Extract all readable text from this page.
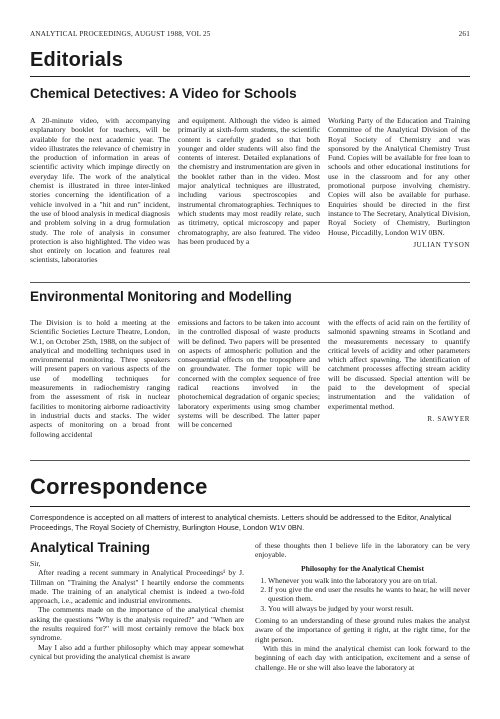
ANALYTICAL PROCEEDINGS, AUGUST 1988, VOL 25	261
Editorials
Chemical Detectives: A Video for Schools

A 20-minute video, with accompanying explanatory booklet for teachers, will be available for the next academic year. The video illustrates the relevance of chemistry in the production of information in areas of scientific activity which impinge directly on everyday life. The work of the analytical chemist is illustrated in three inter-linked stories concerning the identification of a vehicle involved in a "hit and run" incident, the use of blood analysis in medical diagnosis and problem solving in a drug formulation study. The role of analysis in consumer protection is also highlighted. The video was shot entirely on location and features real scientists, laboratories

and equipment. Although the video is aimed primarily at sixth-form students, the scientific content is carefully graded so that both younger and older students will also find the contents of interest. Detailed explanations of the chemistry and instrumentation are given in the booklet rather than in the video. Most major analytical techniques are illustrated, including various spectroscopies and instrumental chromatographies. Techniques to which students may most readily relate, such as titrimetry, optical microscopy and paper chromatography, are also featured. The video has been produced by a

Working Party of the Education and Training Committee of the Analytical Division of the Royal Society of Chemistry and was sponsored by the Analytical Chemistry Trust Fund. Copies will be available for free loan to schools and other educational institutions for use in the classroom and for any other promotional purpose involving chemistry. Copies will also be available for purhase. Enquiries should be directed in the first instance to The Secretary, Analytical Division, Royal Society of Chemistry, Burlington House, Piccadilly, London W1V 0BN.

JULIAN TYSON
Environmental Monitoring and Modelling

The Division is to hold a meeting at the Scientific Societies Lecture Theatre, London, W.1, on October 25th, 1988, on the subject of analytical and modelling techniques used in environmental monitoring. Three speakers will present papers on various aspects of the use of modelling techniques for measurements in radiochemistry ranging from the assessment of risk in nuclear facilities to monitoring airborne radioactivity in industrial ducts and stacks. The wider aspects of monitoring on a broad front following accidental

emissions and factors to be taken into account in the controlled disposal of waste products will be defined. Two papers will be presented on aspects of atmospheric pollution and the consequential effects on the troposphere and on groundwater. The former topic will be concerned with the complex sequence of free radical reactions involved in the photochemical degradation of organic species; laboratory experiments using smog chamber systems will be described. The latter paper will be concerned

with the effects of acid rain on the fertility of salmonid spawning streams in Scotland and the measurements necessary to quantify critical levels of acidity and other parameters which affect spawning. The identification of catchment processes affecting stream acidity will be discussed. Special attention will be paid to the development of special instrumentation and the validation of experimental method.

R. SAWYER
Correspondence
Correspondence is accepted on all matters of interest to analytical chemists. Letters should be addressed to the Editor, Analytical Proceedings, The Royal Society of Chemistry, Burlington House, London W1V 0BN.
Analytical Training

Sir,

After reading a recent summary in Analytical Proceedings¹ by J. Tillman on "Training the Analyst" I heartily endorse the comments made. The training of an analytical chemist is indeed a two-fold approach, i.e., academic and industrial environments.

The comments made on the importance of the analytical chemist asking the questions "Why is the analysis required?" and "When are the results required for?" will most certainly remove the black box syndrome.

May I also add a further philosophy which may appear somewhat cynical but providing the analytical chemist is aware

of these thoughts then I believe life in the laboratory can be very enjoyable.

Philosophy for the Analytical Chemist
1. Whenever you walk into the laboratory you are on trial.
2. If you give the end user the results he wants to hear, he will never question them.
3. You will always be judged by your worst result.

Coming to an understanding of these ground rules makes the analyst aware of the importance of getting it right, at the right time, for the right person.

With this in mind the analytical chemist can look forward to the beginning of each day with anticipation, excitement and a sense of challenge. He or she will also leave the laboratory at
